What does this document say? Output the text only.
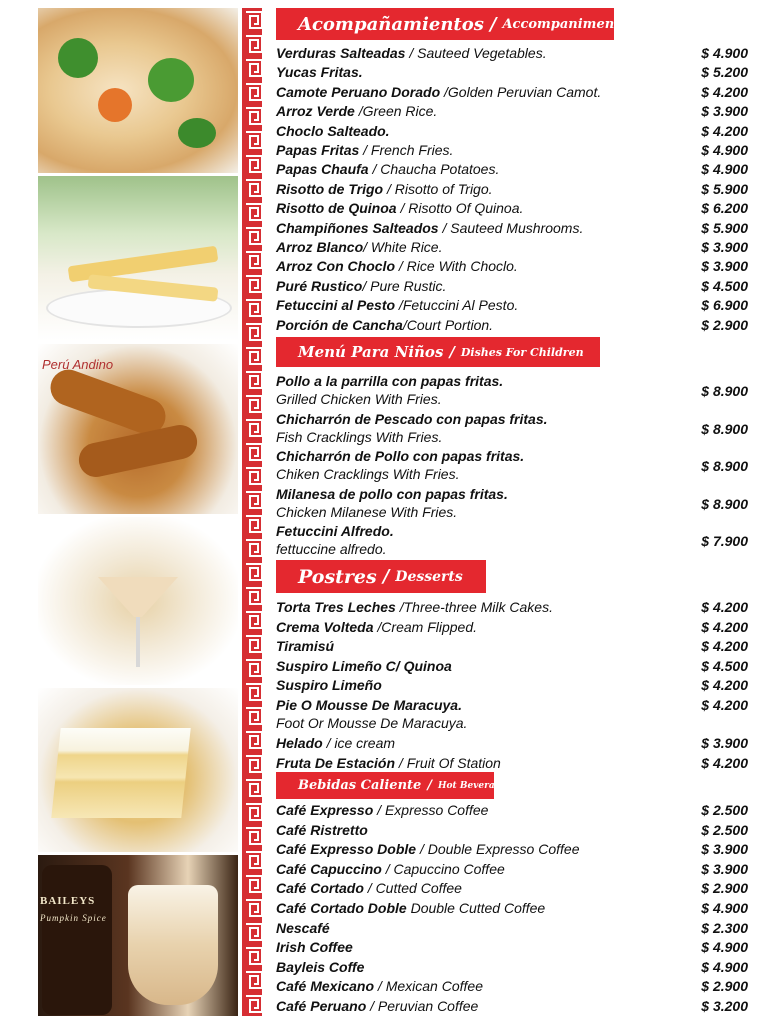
Perú Andino
BAILEYS
Pumpkin Spice
Acompañamientos / Accompaniments.
Verduras Salteadas / Sauteed Vegetables.	$ 4.900
Yucas Fritas.	$ 5.200
Camote Peruano Dorado /Golden Peruvian Camot.	$ 4.200
Arroz Verde /Green Rice.	$ 3.900
Choclo Salteado.	$ 4.200
Papas Fritas / French Fries.	$ 4.900
Papas Chaufa / Chaucha Potatoes.	$ 4.900
Risotto de Trigo / Risotto of Trigo.	$ 5.900
Risotto de Quinoa / Risotto Of Quinoa.	$ 6.200
Champiñones Salteados / Sauteed Mushrooms.	$ 5.900
Arroz Blanco/ White Rice.	$ 3.900
Arroz Con Choclo / Rice With Choclo.	$ 3.900
Puré Rustico/ Pure Rustic.	$ 4.500
Fetuccini al Pesto /Fetuccini Al Pesto.	$ 6.900
Porción de Cancha/Court Portion.	$ 2.900
Menú Para Niños / Dishes For Children
Pollo a la parrilla con papas fritas.
Grilled Chicken With Fries.	$ 8.900
Chicharrón de Pescado con papas fritas.
Fish Cracklings With Fries.	$ 8.900
Chicharrón de Pollo con papas fritas.
Chiken Cracklings With Fries.	$ 8.900
Milanesa de pollo con papas fritas.
Chicken Milanese With Fries.	$ 8.900
Fetuccini Alfredo.
fettuccine alfredo.	$ 7.900
Postres / Desserts
Torta Tres Leches /Three-three Milk Cakes.	$ 4.200
Crema Volteda /Cream Flipped.	$ 4.200
Tiramisú	$ 4.200
Suspiro Limeño C/ Quinoa	$ 4.500
Suspiro Limeño	$ 4.200
Pie O Mousse De Maracuya.
Foot Or Mousse De Maracuya.
$ 4.200
Helado / ice cream	$ 3.900
Fruta De Estación / Fruit Of Station	$ 4.200
Bebidas Caliente / Hot Beverages
Café Expresso / Expresso Coffee	$ 2.500
Café Ristretto	$ 2.500
Café Expresso Doble / Double Expresso Coffee	$ 3.900
Café Capuccino / Capuccino Coffee	$ 3.900
Café Cortado / Cutted Coffee	$ 2.900
Café Cortado Doble Double Cutted Coffee	$ 4.900
Nescafé	$ 2.300
Irish Coffee	$ 4.900
Bayleis Coffe	$ 4.900
Café Mexicano / Mexican Coffee	$ 2.900
Café Peruano / Peruvian Coffee	$ 3.200
